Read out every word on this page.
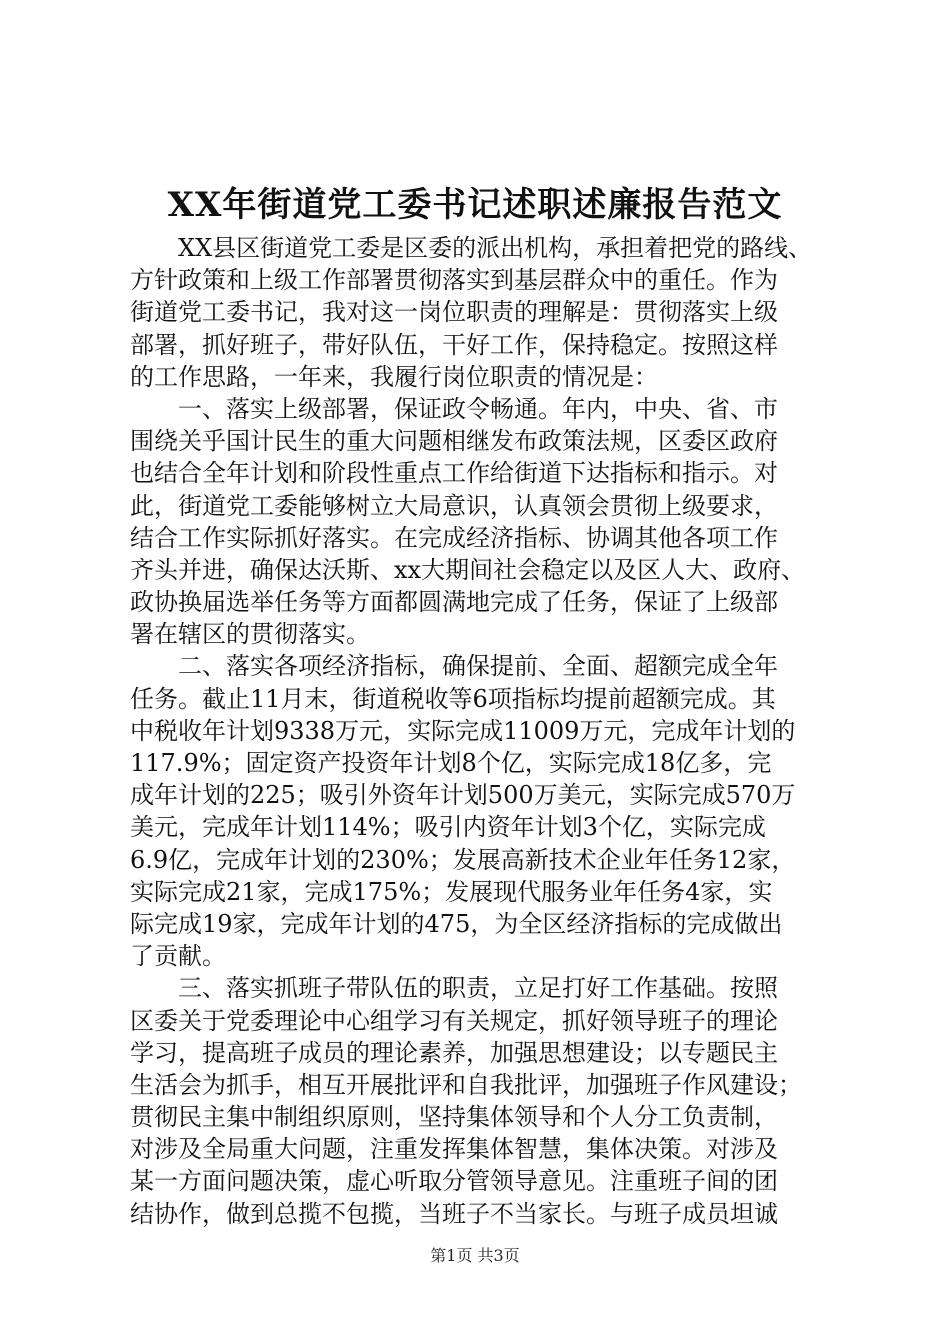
XX年街道党工委书记述职述廉报告范文
XX县区街道党工委是区委的派出机构，承担着把党的路线、
方针政策和上级工作部署贯彻落实到基层群众中的重任。作为
街道党工委书记，我对这一岗位职责的理解是：贯彻落实上级
部署，抓好班子，带好队伍，干好工作，保持稳定。按照这样
的工作思路，一年来，我履行岗位职责的情况是：
一、落实上级部署，保证政令畅通。年内，中央、省、市
围绕关乎国计民生的重大问题相继发布政策法规，区委区政府
也结合全年计划和阶段性重点工作给街道下达指标和指示。对
此，街道党工委能够树立大局意识，认真领会贯彻上级要求，
结合工作实际抓好落实。在完成经济指标、协调其他各项工作
齐头并进，确保达沃斯、xx大期间社会稳定以及区人大、政府、
政协换届选举任务等方面都圆满地完成了任务，保证了上级部
署在辖区的贯彻落实。
二、落实各项经济指标，确保提前、全面、超额完成全年
任务。截止11月末，街道税收等6项指标均提前超额完成。其
中税收年计划9338万元，实际完成11009万元，完成年计划的
117.9%；固定资产投资年计划8个亿，实际完成18亿多，完
成年计划的225；吸引外资年计划500万美元，实际完成570万
美元，完成年计划114%；吸引内资年计划3个亿，实际完成
6.9亿，完成年计划的230%；发展高新技术企业年任务12家，
实际完成21家，完成175%；发展现代服务业年任务4家，实
际完成19家，完成年计划的475，为全区经济指标的完成做出
了贡献。
三、落实抓班子带队伍的职责，立足打好工作基础。按照
区委关于党委理论中心组学习有关规定，抓好领导班子的理论
学习，提高班子成员的理论素养，加强思想建设；以专题民主
生活会为抓手，相互开展批评和自我批评，加强班子作风建设；
贯彻民主集中制组织原则，坚持集体领导和个人分工负责制，
对涉及全局重大问题，注重发挥集体智慧，集体决策。对涉及
某一方面问题决策，虚心听取分管领导意见。注重班子间的团
结协作，做到总揽不包揽，当班子不当家长。与班子成员坦诚
第1页 共3页
